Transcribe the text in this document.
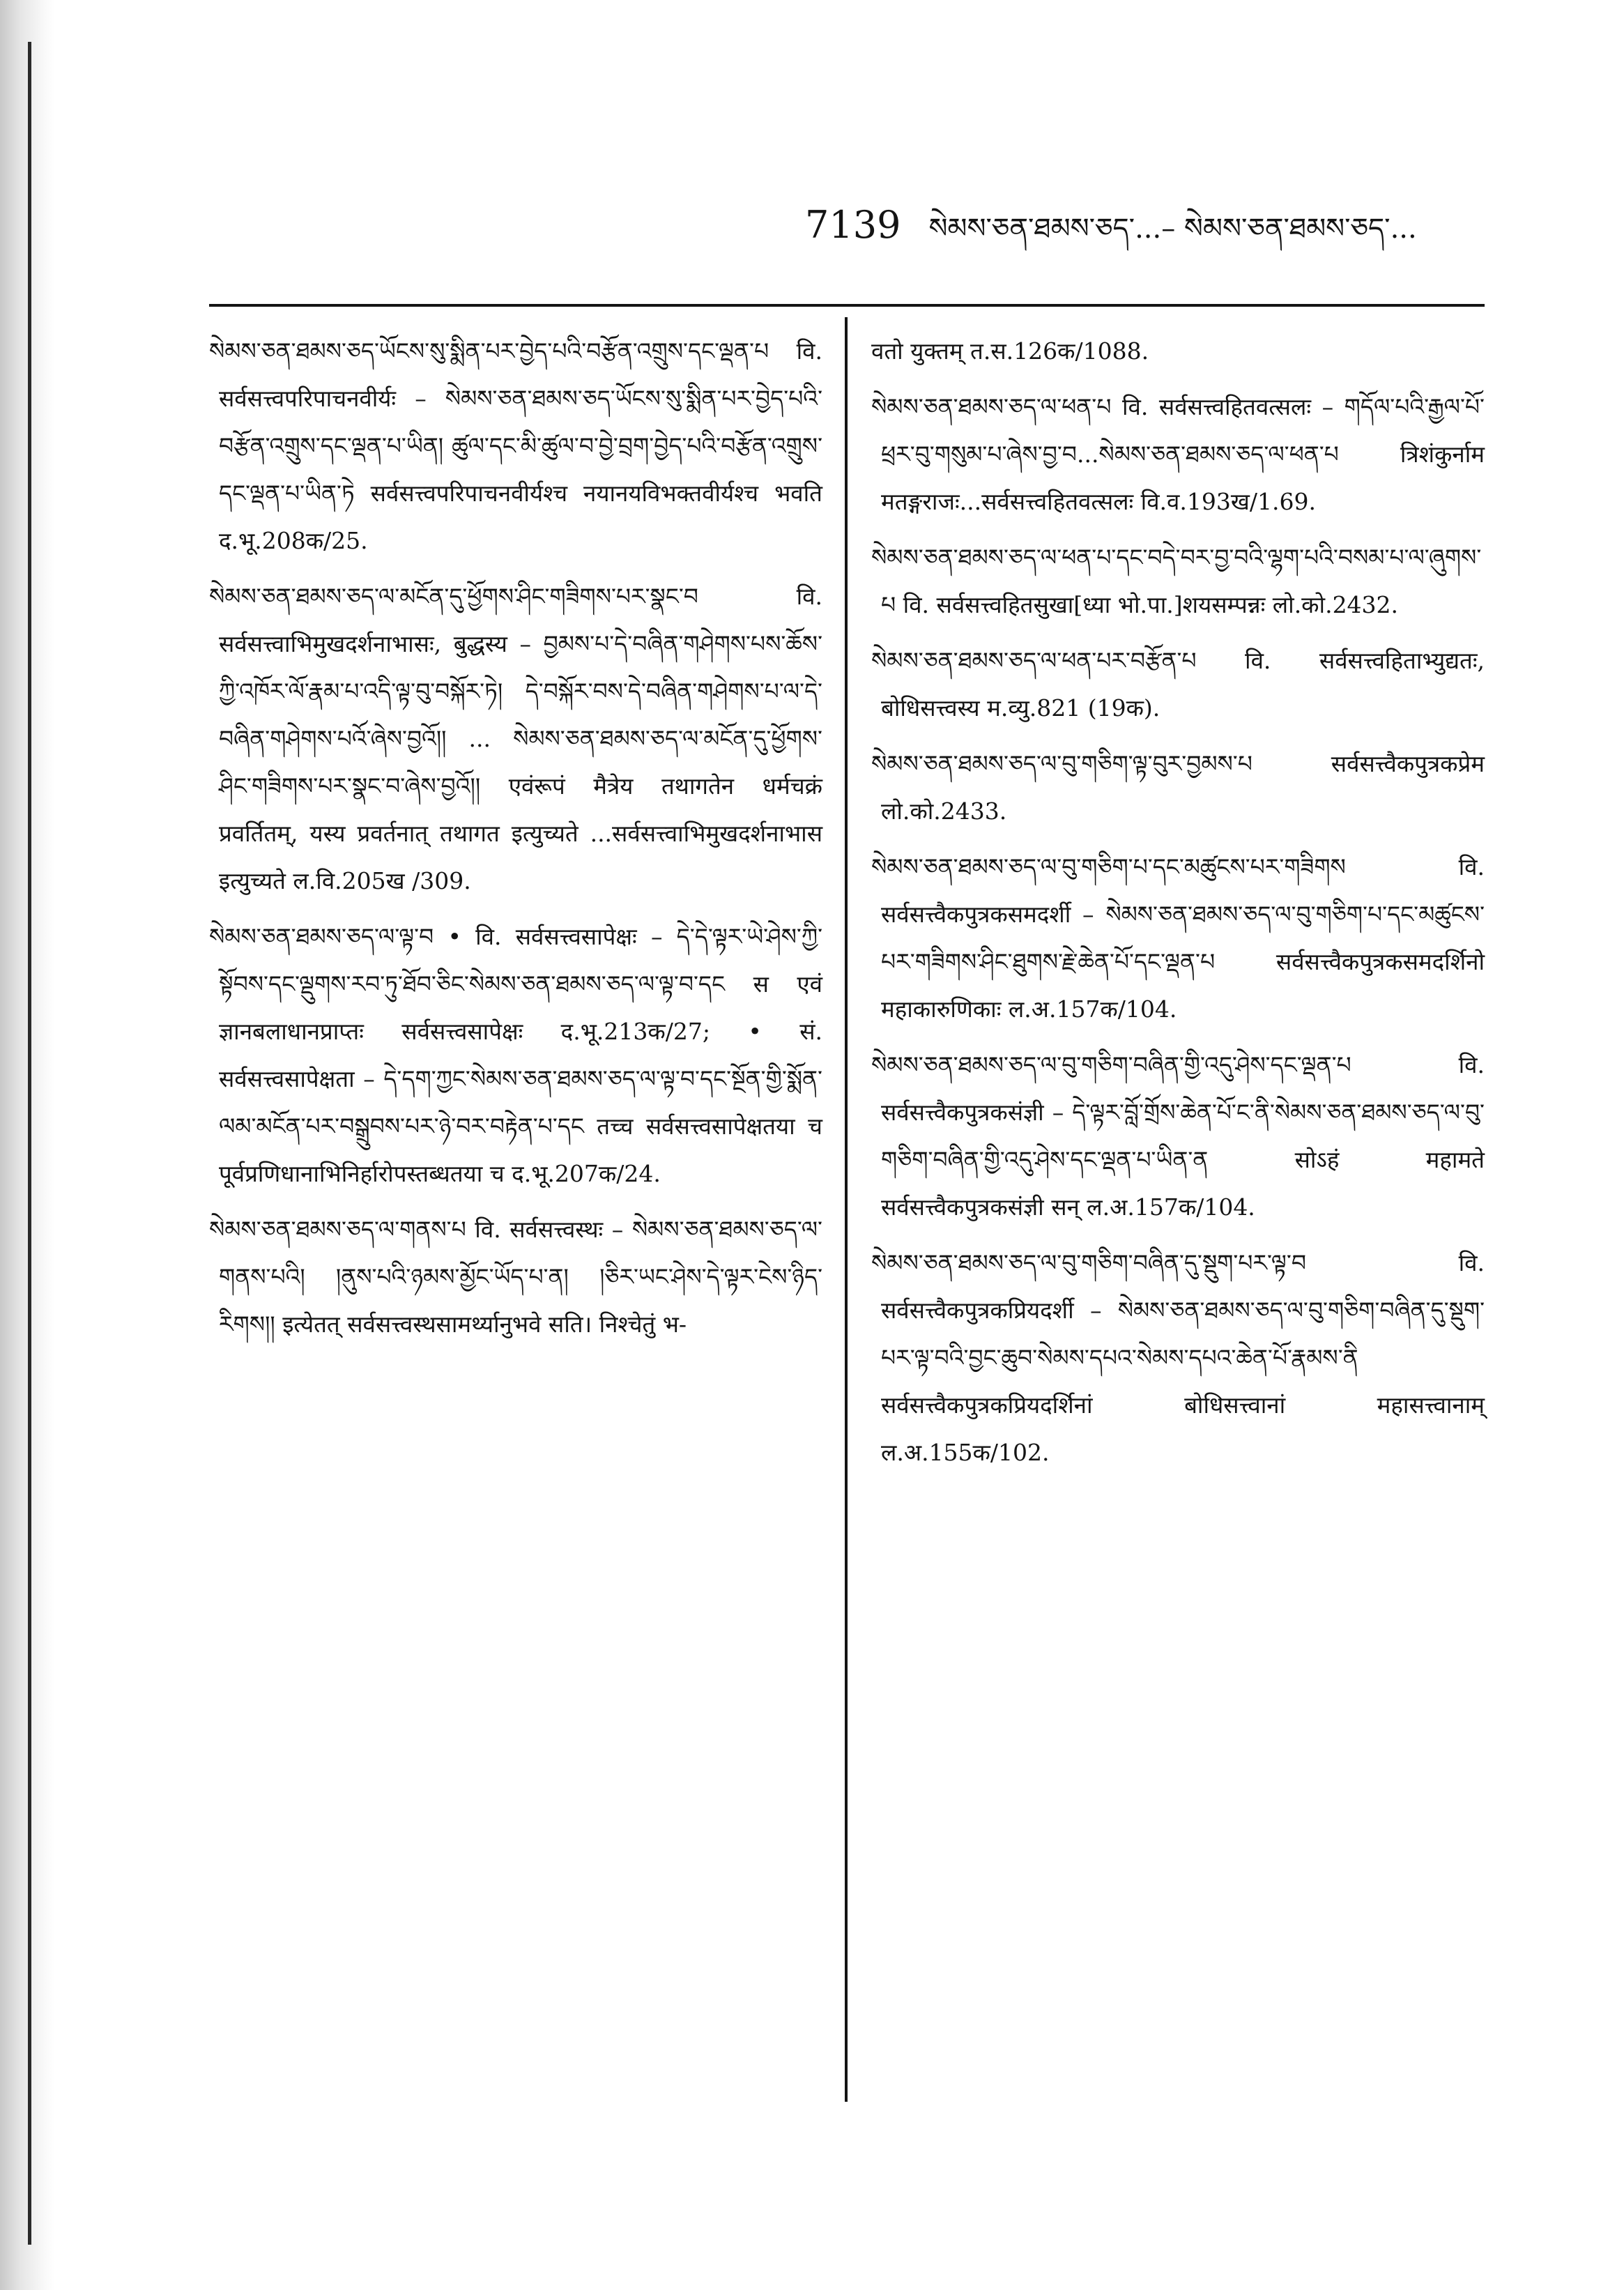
7139 སེམས་ཅན་ཐམས་ཅད་...– སེམས་ཅན་ཐམས་ཅད་...

སེམས་ཅན་ཐམས་ཅད་ཡོངས་སུ་སྨིན་པར་བྱེད་པའི་བརྩོན་འགྲུས་དང་ལྡན་པ वि. सर्वसत्त्वपरिपाचनवीर्यः – སེམས་ཅན་ཐམས་ཅད་ཡོངས་སུ་སྨིན་པར་བྱེད་པའི་བརྩོན་འགྲུས་དང་ལྡན་པ་ཡིན། ཚུལ་དང་མི་ཚུལ་བ་བྱེ་བྲག་བྱེད་པའི་བརྩོན་འགྲུས་དང་ལྡན་པ་ཡིན་ཏེ सर्वसत्त्वपरिपाचनवीर्यश्च नयानयविभक्तवीर्यश्च भवति द.भू.208क/25.

སེམས་ཅན་ཐམས་ཅད་ལ་མངོན་དུ་ཕྱོགས་ཤིང་གཟིགས་པར་སྣང་བ वि. सर्वसत्त्वाभिमुखदर्शनाभासः, बुद्धस्य – བྱམས་པ་དེ་བཞིན་གཤེགས་པས་ཆོས་ཀྱི་འཁོར་ལོ་རྣམ་པ་འདི་ལྟ་བུ་བསྐོར་ཏེ། དེ་བསྐོར་བས་དེ་བཞིན་གཤེགས་པ་ལ་དེ་བཞིན་གཤེགས་པའོ་ཞེས་བྱའོ།། ... སེམས་ཅན་ཐམས་ཅད་ལ་མངོན་དུ་ཕྱོགས་ཤིང་གཟིགས་པར་སྣང་བ་ཞེས་བྱའོ།། एवंरूपं मैत्रेय तथागतेन धर्मचक्रं प्रवर्तितम्, यस्य प्रवर्तनात् तथागत इत्युच्यते ...सर्वसत्त्वाभिमुखदर्शनाभास इत्युच्यते ल.वि.205ख /309.

སེམས་ཅན་ཐམས་ཅད་ལ་ལྟ་བ • वि. सर्वसत्त्वसापेक्षः – དེ་དེ་ལྟར་ཡེ་ཤེས་ཀྱི་སྟོབས་དང་ལྡུགས་རབ་ཏུ་ཐོབ་ཅིང་སེམས་ཅན་ཐམས་ཅད་ལ་ལྟ་བ་དང स एवं ज्ञानबलाधानप्राप्तः सर्वसत्त्वसापेक्षः द.भू.213क/27; • सं. सर्वसत्त्वसापेक्षता – དེ་དག་ཀྱང་སེམས་ཅན་ཐམས་ཅད་ལ་ལྟ་བ་དང་སྔོན་གྱི་སྨོན་ལམ་མངོན་པར་བསྒྲུབས་པར་ཉེ་བར་བརྟེན་པ་དང तच्च सर्वसत्त्वसापेक्षतया च पूर्वप्रणिधानाभिनिर्हारोपस्तब्धतया च द.भू.207क/24.

སེམས་ཅན་ཐམས་ཅད་ལ་གནས་པ वि. सर्वसत्त्वस्थः – སེམས་ཅན་ཐམས་ཅད་ལ་གནས་པའི། །ནུས་པའི་ཉམས་མྱོང་ཡོད་པ་ན། །ཅིར་ཡང་ཤེས་དེ་ལྟར་ངེས་ཉིད་རིགས།། इत्येतत् सर्वसत्त्वस्थसामर्थ्यानुभवे सति। निश्चेतुं भ-

वतो युक्तम् त.स.126क/1088.

སེམས་ཅན་ཐམས་ཅད་ལ་ཕན་པ वि. सर्वसत्त्वहितवत्सलः – གདོལ་པའི་རྒྱལ་པོ་ཕྲར་བུ་གསུམ་པ་ཞེས་བྱ་བ...སེམས་ཅན་ཐམས་ཅད་ལ་ཕན་པ त्रिशंकुर्नाम मतङ्गराजः...सर्वसत्त्वहितवत्सलः वि.व.193ख/1.69.

སེམས་ཅན་ཐམས་ཅད་ལ་ཕན་པ་དང་བདེ་བར་བྱ་བའི་ལྷག་པའི་བསམ་པ་ལ་ཞུགས་པ वि. सर्वसत्त्वहितसुखा[ध्या भो.पा.]शयसम्पन्नः लो.को.2432.

སེམས་ཅན་ཐམས་ཅད་ལ་ཕན་པར་བརྩོན་པ वि. सर्वसत्त्वहिताभ्युद्यतः, बोधिसत्त्वस्य म.व्यु.821 (19क).

སེམས་ཅན་ཐམས་ཅད་ལ་བུ་གཅིག་ལྟ་བུར་བྱམས་པ सर्वसत्त्वैकपुत्रकप्रेम लो.को.2433.

སེམས་ཅན་ཐམས་ཅད་ལ་བུ་གཅིག་པ་དང་མཚུངས་པར་གཟིགས वि. सर्वसत्त्वैकपुत्रकसमदर्शी – སེམས་ཅན་ཐམས་ཅད་ལ་བུ་གཅིག་པ་དང་མཚུངས་པར་གཟིགས་ཤིང་ཐུགས་རྗེ་ཆེན་པོ་དང་ལྡན་པ सर्वसत्त्वैकपुत्रकसमदर्शिनो महाकारुणिकाः ल.अ.157क/104.

སེམས་ཅན་ཐམས་ཅད་ལ་བུ་གཅིག་བཞིན་གྱི་འདུ་ཤེས་དང་ལྡན་པ वि. सर्वसत्त्वैकपुत्रकसंज्ञी – དེ་ལྟར་བློ་གྲོས་ཆེན་པོ་ང་ནི་སེམས་ཅན་ཐམས་ཅད་ལ་བུ་གཅིག་བཞིན་གྱི་འདུ་ཤེས་དང་ལྡན་པ་ཡིན་ན सोऽहं महामते सर्वसत्त्वैकपुत्रकसंज्ञी सन् ल.अ.157क/104.

སེམས་ཅན་ཐམས་ཅད་ལ་བུ་གཅིག་བཞིན་དུ་སྡུག་པར་ལྟ་བ वि. सर्वसत्त्वैकपुत्रकप्रियदर्शी – སེམས་ཅན་ཐམས་ཅད་ལ་བུ་གཅིག་བཞིན་དུ་སྡུག་པར་ལྟ་བའི་བྱང་ཆུབ་སེམས་དཔའ་སེམས་དཔའ་ཆེན་པོ་རྣམས་ནི सर्वसत्त्वैकपुत्रकप्रियदर्शिनां बोधिसत्त्वानां महासत्त्वानाम् ल.अ.155क/102.
